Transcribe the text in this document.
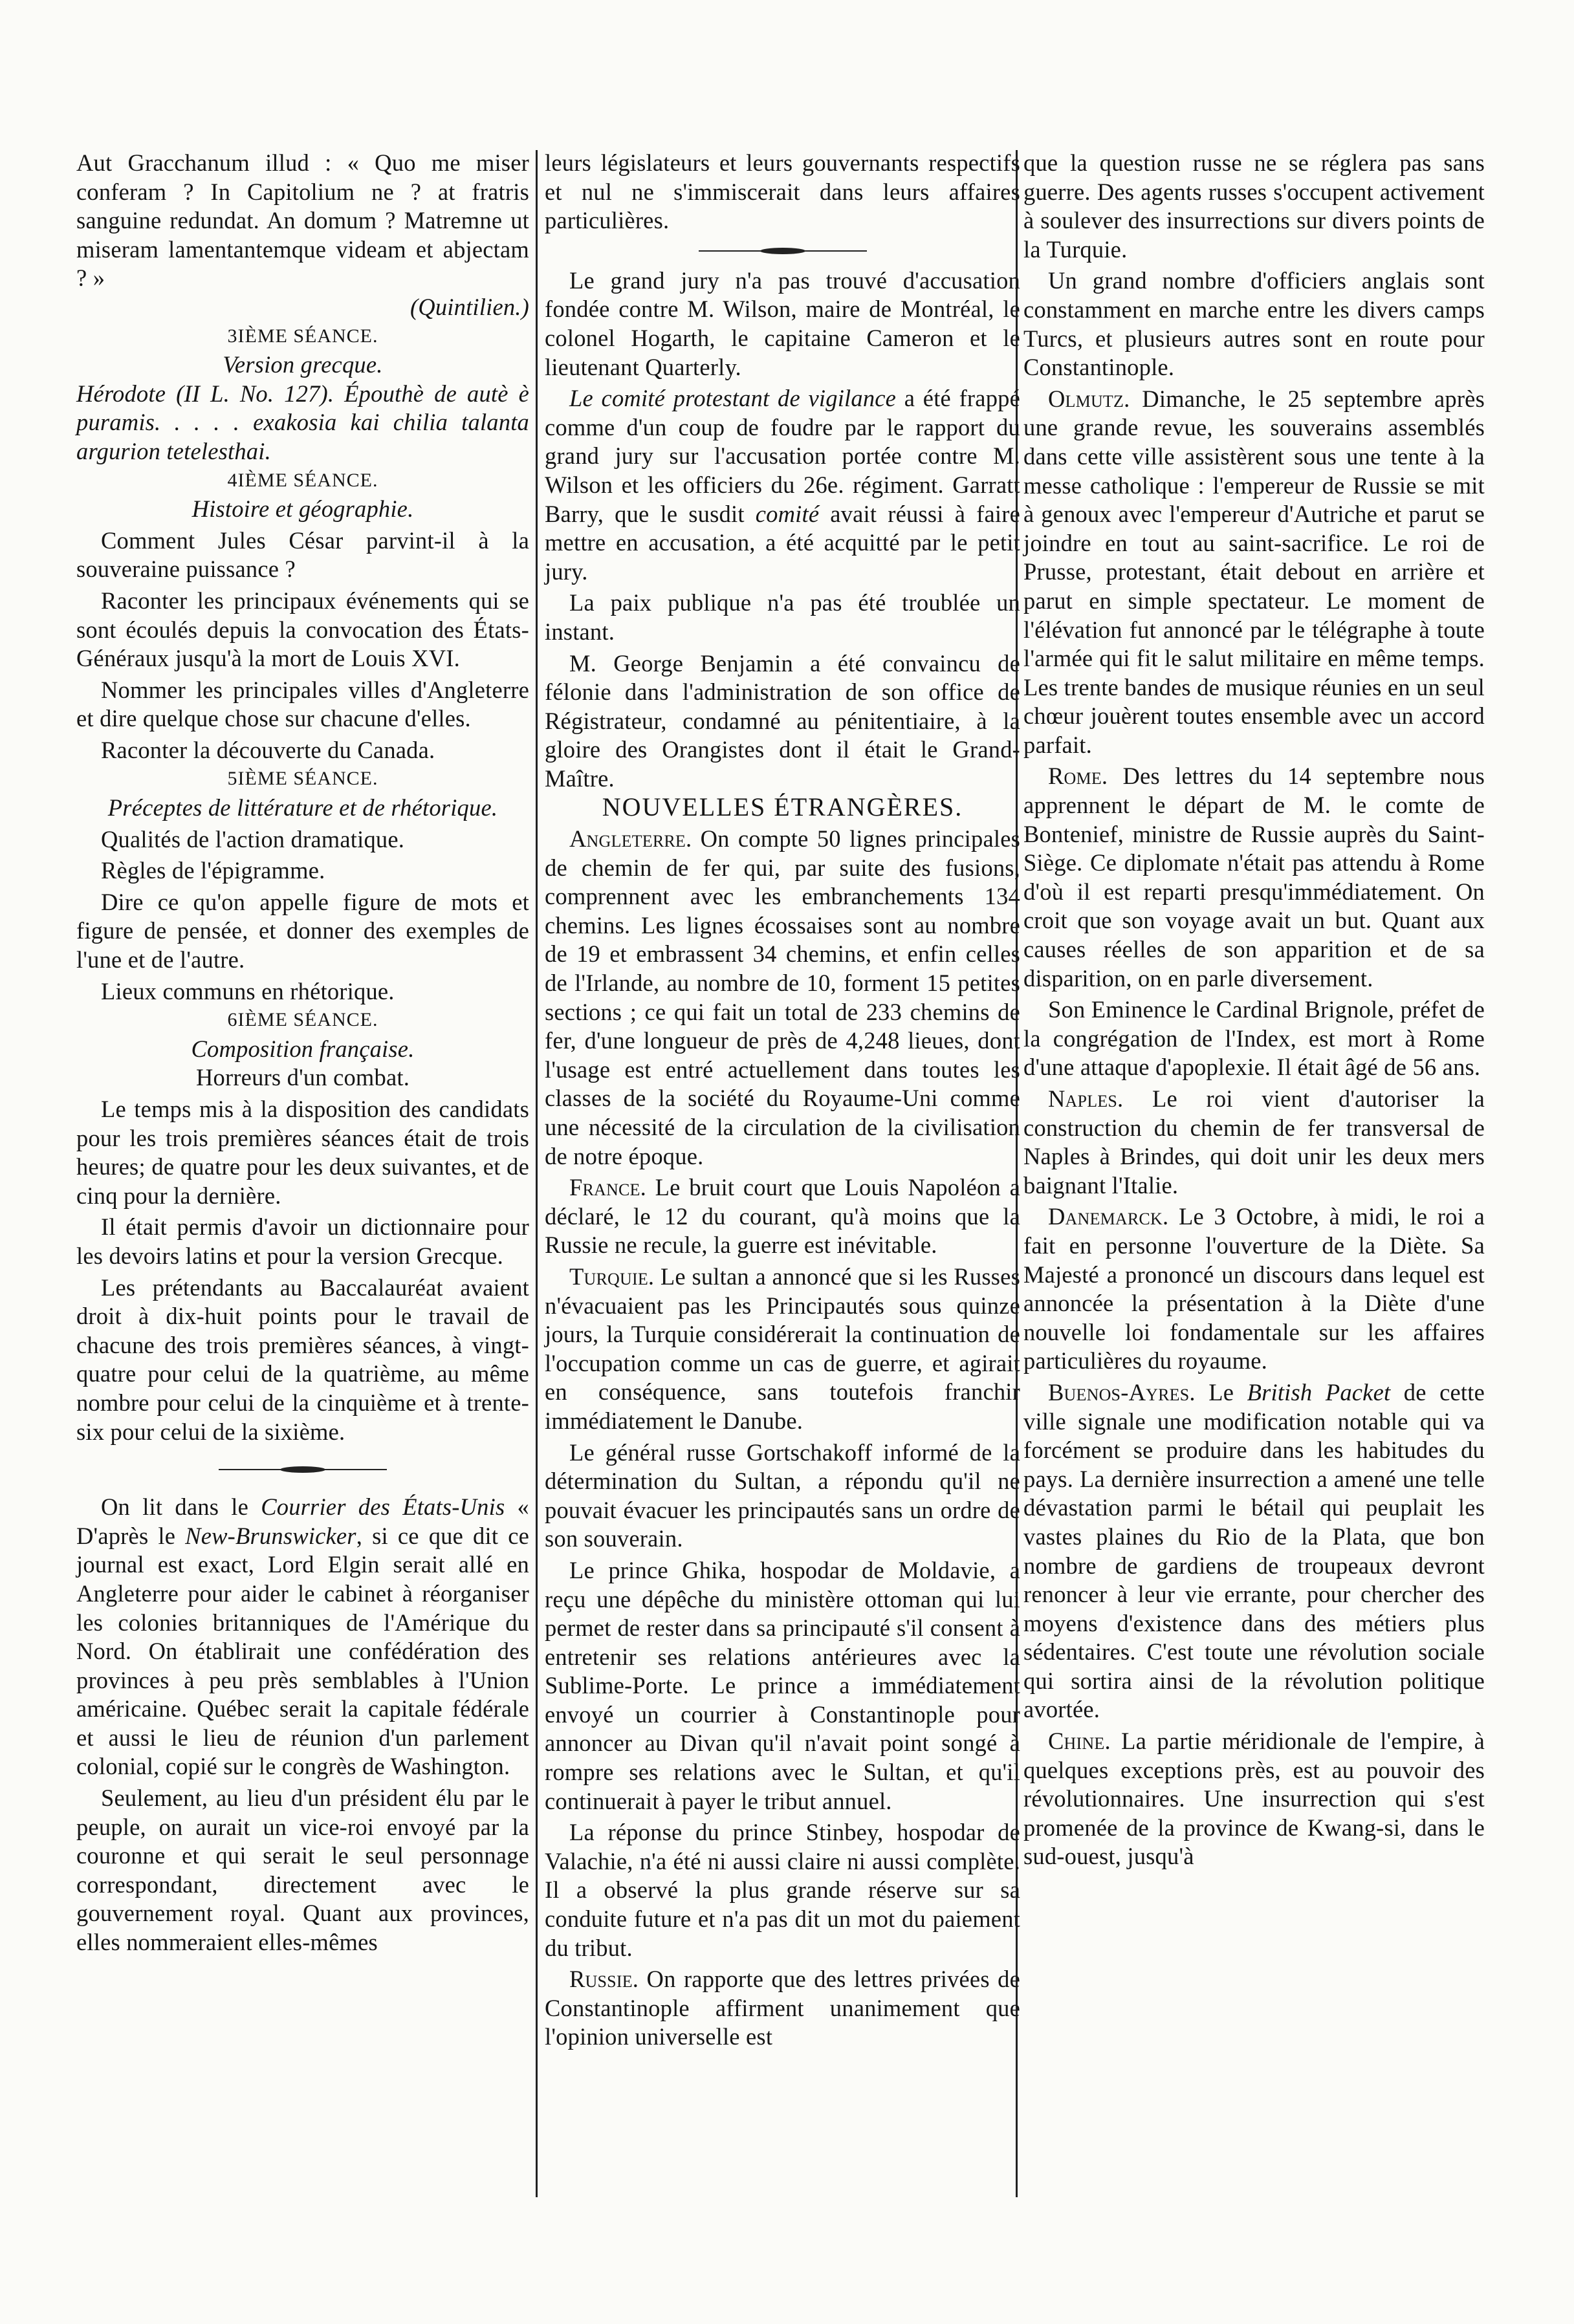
Aut Gracchanum illud : « Quo me miser conferam ? In Capitolium ne ? at fratris sanguine redundat. An domum ? Matremne ut miseram lamentantemque videam et abjectam ? »

(Quintilien.)

3IÈME SÉANCE.

Version grecque.

Hérodote (II L. No. 127). Épouthè de autè è puramis. . . . . exakosia kai chilia talanta argurion tetelesthai.

4IÈME SÉANCE.

Histoire et géographie.

Comment Jules César parvint-il à la souveraine puissance ?

Raconter les principaux événements qui se sont écoulés depuis la convocation des États-Généraux jusqu'à la mort de Louis XVI.

Nommer les principales villes d'Angleterre et dire quelque chose sur chacune d'elles.

Raconter la découverte du Canada.

5IÈME SÉANCE.

Préceptes de littérature et de rhétorique.

Qualités de l'action dramatique.

Règles de l'épigramme.

Dire ce qu'on appelle figure de mots et figure de pensée, et donner des exemples de l'une et de l'autre.

Lieux communs en rhétorique.

6IÈME SÉANCE.

Composition française.

Horreurs d'un combat.

Le temps mis à la disposition des candidats pour les trois premières séances était de trois heures; de quatre pour les deux suivantes, et de cinq pour la dernière.

Il était permis d'avoir un dictionnaire pour les devoirs latins et pour la version Grecque.

Les prétendants au Baccalauréat avaient droit à dix-huit points pour le travail de chacune des trois premières séances, à vingt-quatre pour celui de la quatrième, au même nombre pour celui de la cinquième et à trente-six pour celui de la sixième.

On lit dans le Courrier des États-Unis « D'après le New-Brunswicker, si ce que dit ce journal est exact, Lord Elgin serait allé en Angleterre pour aider le cabinet à réorganiser les colonies britanniques de l'Amérique du Nord. On établirait une confédération des provinces à peu près semblables à l'Union américaine. Québec serait la capitale fédérale et aussi le lieu de réunion d'un parlement colonial, copié sur le congrès de Washington.

Seulement, au lieu d'un président élu par le peuple, on aurait un vice-roi envoyé par la couronne et qui serait le seul personnage correspondant, directement avec le gouvernement royal. Quant aux provinces, elles nommeraient elles-mêmes

leurs législateurs et leurs gouvernants respectifs et nul ne s'immiscerait dans leurs affaires particulières.

Le grand jury n'a pas trouvé d'accusation fondée contre M. Wilson, maire de Montréal, le colonel Hogarth, le capitaine Cameron et le lieutenant Quarterly.

Le comité protestant de vigilance a été frappé comme d'un coup de foudre par le rapport du grand jury sur l'accusation portée contre M. Wilson et les officiers du 26e. régiment. Garratt Barry, que le susdit comité avait réussi à faire mettre en accusation, a été acquitté par le petit jury.

La paix publique n'a pas été troublée un instant.

M. George Benjamin a été convaincu de félonie dans l'administration de son office de Régistrateur, condamné au pénitentiaire, à la gloire des Orangistes dont il était le Grand-Maître.

NOUVELLES ÉTRANGÈRES.

Angleterre. On compte 50 lignes principales de chemin de fer qui, par suite des fusions, comprennent avec les embranchements 134 chemins. Les lignes écossaises sont au nombre de 19 et embrassent 34 chemins, et enfin celles de l'Irlande, au nombre de 10, forment 15 petites sections ; ce qui fait un total de 233 chemins de fer, d'une longueur de près de 4,248 lieues, dont l'usage est entré actuellement dans toutes les classes de la société du Royaume-Uni comme une nécessité de la circulation de la civilisation de notre époque.

France. Le bruit court que Louis Napoléon a déclaré, le 12 du courant, qu'à moins que la Russie ne recule, la guerre est inévitable.

Turquie. Le sultan a annoncé que si les Russes n'évacuaient pas les Principautés sous quinze jours, la Turquie considérerait la continuation de l'occupation comme un cas de guerre, et agirait en conséquence, sans toutefois franchir immédiatement le Danube.

Le général russe Gortschakoff informé de la détermination du Sultan, a répondu qu'il ne pouvait évacuer les principautés sans un ordre de son souverain.

Le prince Ghika, hospodar de Moldavie, a reçu une dépêche du ministère ottoman qui lui permet de rester dans sa principauté s'il consent à entretenir ses relations antérieures avec la Sublime-Porte. Le prince a immédiatement envoyé un courrier à Constantinople pour annoncer au Divan qu'il n'avait point songé à rompre ses relations avec le Sultan, et qu'il continuerait à payer le tribut annuel.

La réponse du prince Stinbey, hospodar de Valachie, n'a été ni aussi claire ni aussi complète. Il a observé la plus grande réserve sur sa conduite future et n'a pas dit un mot du paiement du tribut.

Russie. On rapporte que des lettres privées de Constantinople affirment unanimement que l'opinion universelle est

que la question russe ne se réglera pas sans guerre. Des agents russes s'occupent activement à soulever des insurrections sur divers points de la Turquie.

Un grand nombre d'officiers anglais sont constamment en marche entre les divers camps Turcs, et plusieurs autres sont en route pour Constantinople.

Olmutz. Dimanche, le 25 septembre après une grande revue, les souverains assemblés dans cette ville assistèrent sous une tente à la messe catholique : l'empereur de Russie se mit à genoux avec l'empereur d'Autriche et parut se joindre en tout au saint-sacrifice. Le roi de Prusse, protestant, était debout en arrière et parut en simple spectateur. Le moment de l'élévation fut annoncé par le télégraphe à toute l'armée qui fit le salut militaire en même temps. Les trente bandes de musique réunies en un seul chœur jouèrent toutes ensemble avec un accord parfait.

Rome. Des lettres du 14 septembre nous apprennent le départ de M. le comte de Bontenief, ministre de Russie auprès du Saint-Siège. Ce diplomate n'était pas attendu à Rome d'où il est reparti presqu'immédiatement. On croit que son voyage avait un but. Quant aux causes réelles de son apparition et de sa disparition, on en parle diversement.

Son Eminence le Cardinal Brignole, préfet de la congrégation de l'Index, est mort à Rome d'une attaque d'apoplexie. Il était âgé de 56 ans.

Naples. Le roi vient d'autoriser la construction du chemin de fer transversal de Naples à Brindes, qui doit unir les deux mers baignant l'Italie.

Danemarck. Le 3 Octobre, à midi, le roi a fait en personne l'ouverture de la Diète. Sa Majesté a prononcé un discours dans lequel est annoncée la présentation à la Diète d'une nouvelle loi fondamentale sur les affaires particulières du royaume.

Buenos-Ayres. Le British Packet de cette ville signale une modification notable qui va forcément se produire dans les habitudes du pays. La dernière insurrection a amené une telle dévastation parmi le bétail qui peuplait les vastes plaines du Rio de la Plata, que bon nombre de gardiens de troupeaux devront renoncer à leur vie errante, pour chercher des moyens d'existence dans des métiers plus sédentaires. C'est toute une révolution sociale qui sortira ainsi de la révolution politique avortée.

Chine. La partie méridionale de l'empire, à quelques exceptions près, est au pouvoir des révolutionnaires. Une insurrection qui s'est promenée de la province de Kwang-si, dans le sud-ouest, jusqu'à
